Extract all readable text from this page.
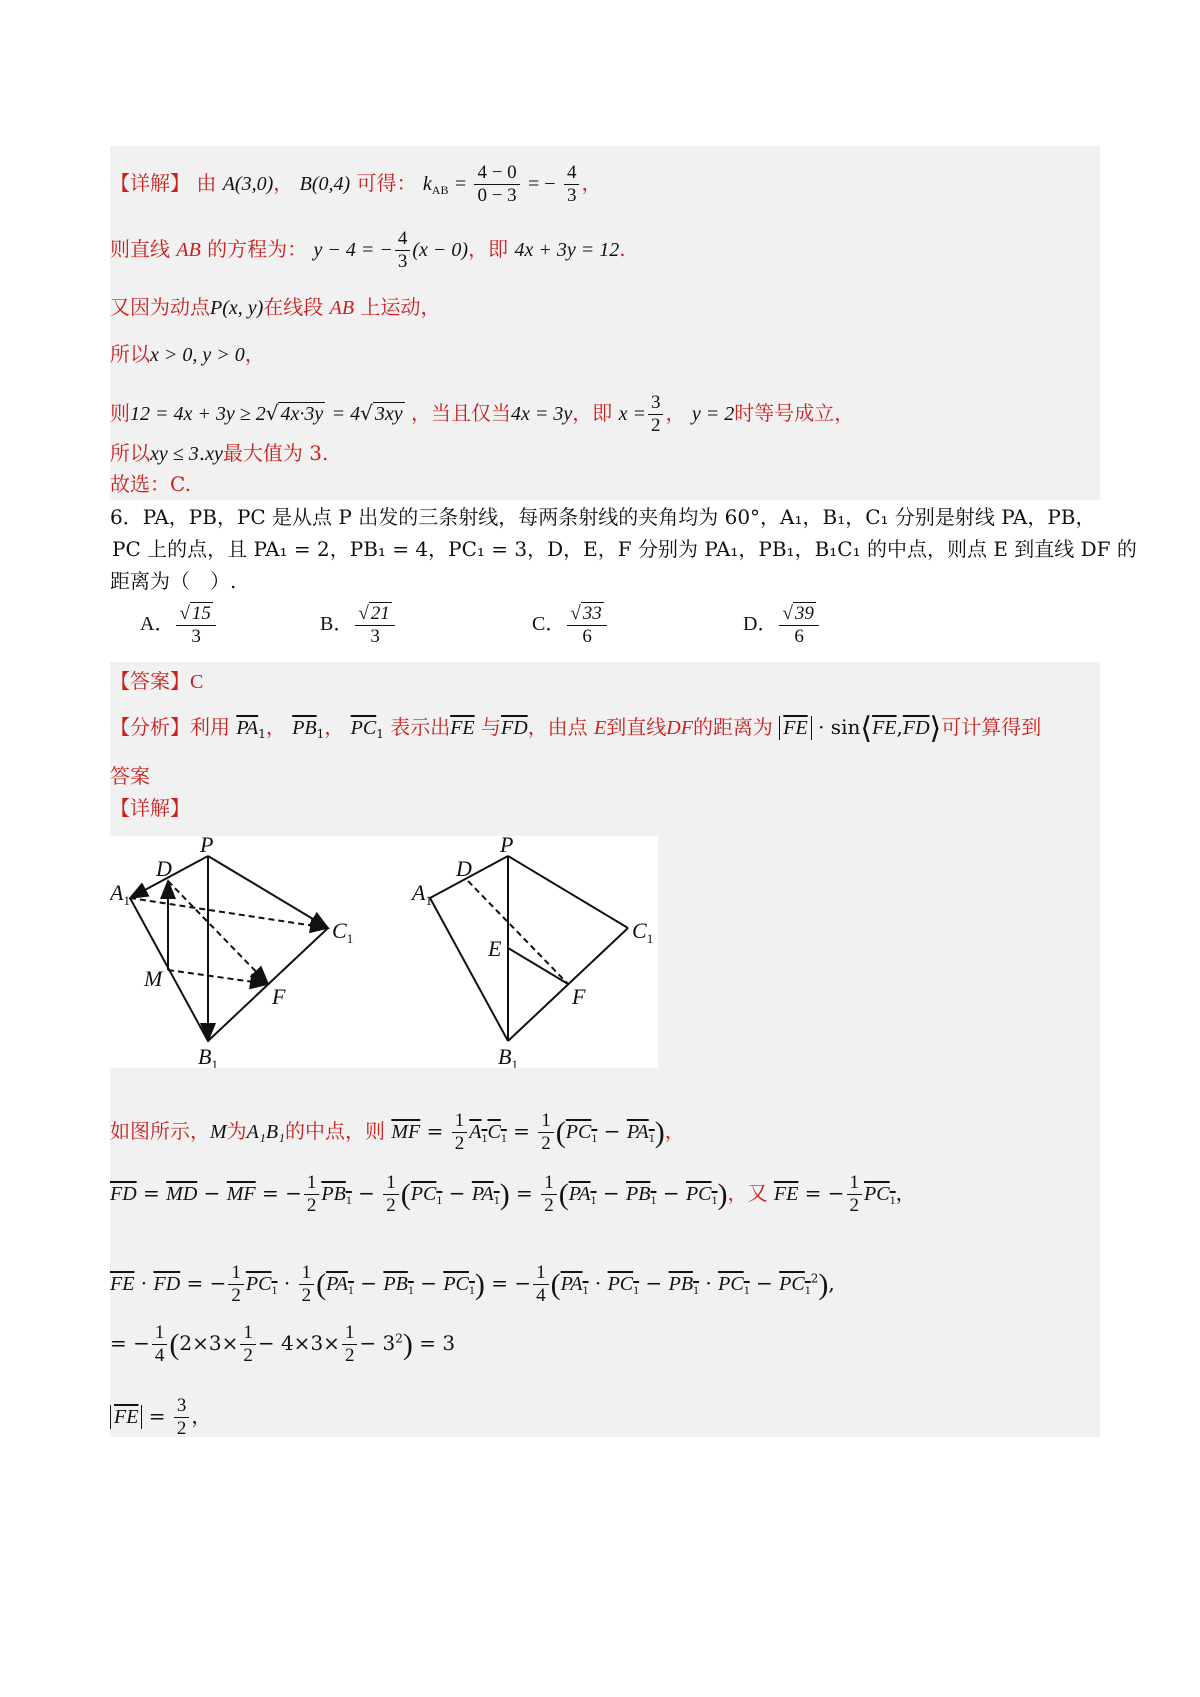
【详解】 由 A(3,0)， B(0,4) 可得： $k_{AB} = \frac{4 - 0}{0 - 3}$ = − $\frac{4}{3}$ ，
则直线 AB 的方程为： y − 4 = − $\frac{4}{3} (x - 0)$，即 4x + 3y = 12.
又因为动点P(x, y)在线段 AB 上运动，
所以x > 0, y > 0，
则12 = 4x + 3y ≥ 2√ 4x·3y = 4√ 3xy ，当且仅当4x = 3y，即 $x = \frac{3}{2}$ ， y = 2时等号成立，
所以xy ≤ 3.xy最大值为 3.
故选：C.
6．PA，PB，PC 是从点 P 出发的三条射线，每两条射线的夹角均为 60°，A₁，B₁，C₁ 分别是射线 PA，PB，
PC 上的点，且 PA₁ = 2，PB₁ = 4，PC₁ = 3，D，E，F 分别为 PA₁，PB₁，B₁C₁ 的中点，则点 E 到直线 DF 的
距离为（　）.
A． $\frac{√ 15}{3}$	B． $\frac{√ 21}{3}$	C． $\frac{√ 33}{6}$	D． $\frac{√ 39}{6}$
【答案】C
【分析】利用 $\overline{PA}_1$， $\overline{PB}_1$， $\overline{PC}_1$ 表示出$\overline{FE}$ 与$\overline{FD}$，由点 E到直线DF的距离为 $\overline{FE}$ · $\sin⟨\overline{FE},\overline{FD}⟩$可计算得到
答案
【详解】
P
D
$A_1$
$C_1$
M
F
$B_1$
P
D
$A_1$
$C_1$
E
F
$B_1$
如图所示，M为A₁B₁的中点，则 $\overline{MF} = \frac{1}{2} A_1C_1 = \frac{1}{2} (PC_1 - PA_1)$，
$\overline{FD} = \overline{MD} - \overline{MF}$ = − $\frac{1}{2} PB_1 - \frac{1}{2} (PC_1 - PA_1) = \frac{1}{2} (PA_1 - PB_1 - PC_1)$，又 $\overline{FE}$ = − $\frac{1}{2} PC_1$，
$\overline{FE} \cdot \overline{FD}$ = − $\frac{1}{2} PC_1 \cdot \frac{1}{2} (PA_1 - PB_1 - PC_1)$ = − $\frac{1}{4} (PA_1 \cdot PC_1 - PB_1 \cdot PC_1 - PC_1^2)$,
= − $\frac{1}{4} (2\times 3\times \frac{1}{2} - 4\times 3\times \frac{1}{2} - 3^2) = 3$
$\overline{FE} = \frac{3}{2}$ ，
